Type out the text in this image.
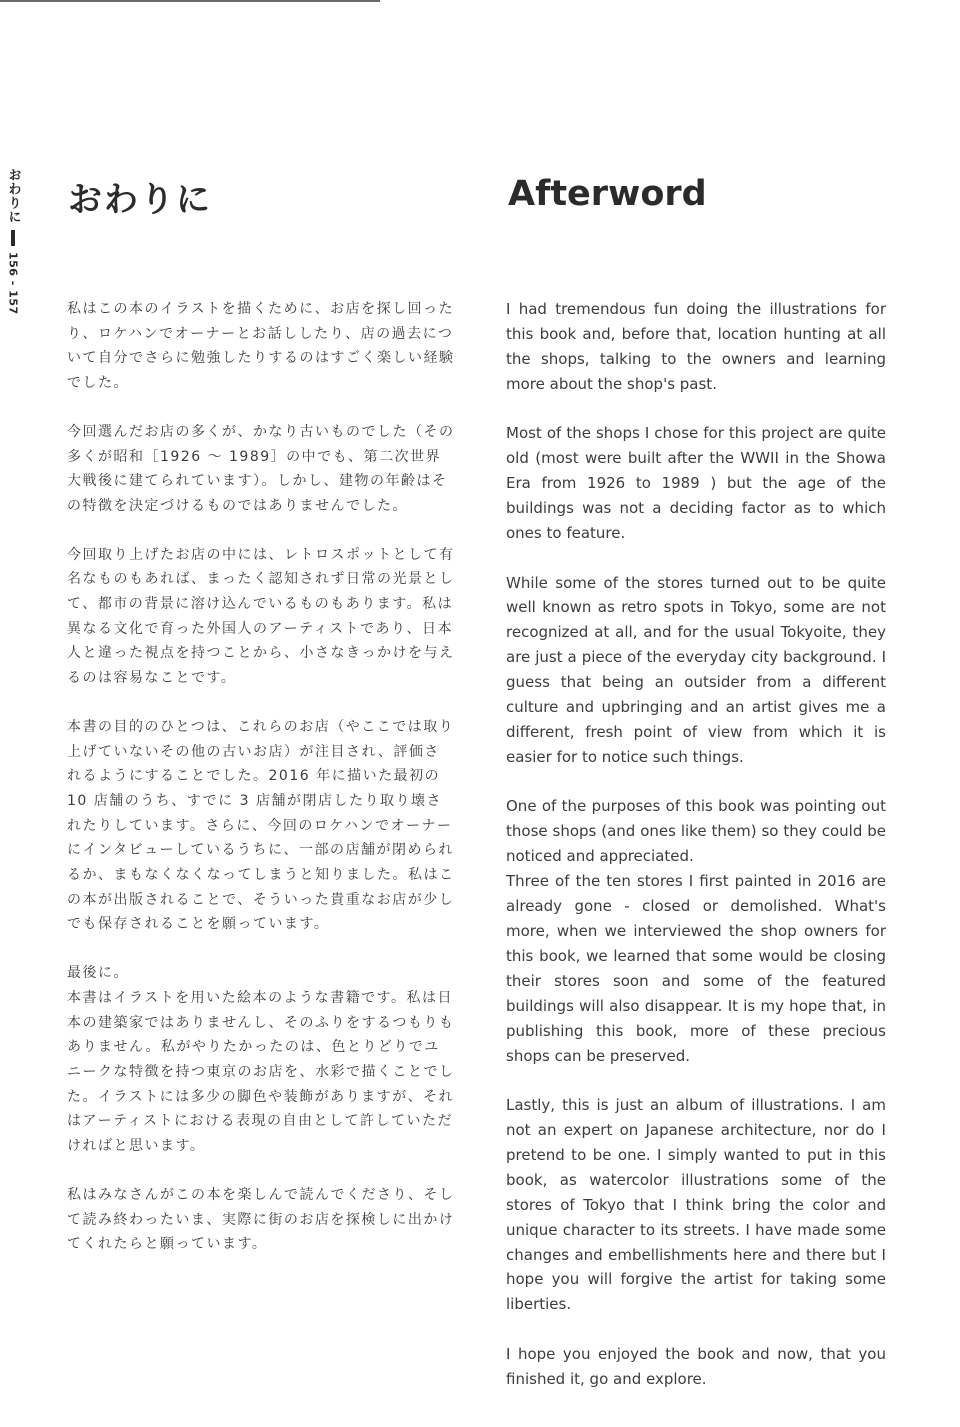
おわりに
156 - 157
おわりに	Afterword

私はこの本のイラストを描くために、お店を探し回ったり、ロケハンでオーナーとお話ししたり、店の過去について自分でさらに勉強したりするのはすごく楽しい経験でした。

今回選んだお店の多くが、かなり古いものでした（その多くが昭和［1926 〜 1989］の中でも、第二次世界大戦後に建てられています）。しかし、建物の年齢はその特徴を決定づけるものではありませんでした。

今回取り上げたお店の中には、レトロスポットとして有名なものもあれば、まったく認知されず日常の光景として、都市の背景に溶け込んでいるものもあります。私は異なる文化で育った外国人のアーティストであり、日本人と違った視点を持つことから、小さなきっかけを与えるのは容易なことです。

本書の目的のひとつは、これらのお店（やここでは取り上げていないその他の古いお店）が注目され、評価されるようにすることでした。2016 年に描いた最初の 10 店舗のうち、すでに 3 店舗が閉店したり取り壊されたりしています。さらに、今回のロケハンでオーナーにインタビューしているうちに、一部の店舗が閉められるか、まもなくなくなってしまうと知りました。私はこの本が出版されることで、そういった貴重なお店が少しでも保存されることを願っています。

最後に。

本書はイラストを用いた絵本のような書籍です。私は日本の建築家ではありませんし、そのふりをするつもりもありません。私がやりたかったのは、色とりどりでユニークな特徴を持つ東京のお店を、水彩で描くことでした。イラストには多少の脚色や装飾がありますが、それはアーティストにおける表現の自由として許していただければと思います。

私はみなさんがこの本を楽しんで読んでくださり、そして読み終わったいま、実際に街のお店を探検しに出かけてくれたらと願っています。

I had tremendous fun doing the illustrations for this book and, before that, location hunting at all the shops, talking to the owners and learning more about the shop's past.

Most of the shops I chose for this project are quite old (most were built after the WWII in the Showa Era from 1926 to 1989 ) but the age of the buildings was not a deciding factor as to which ones to feature.

While some of the stores turned out to be quite well known as retro spots in Tokyo, some are not recognized at all, and for the usual Tokyoite, they are just a piece of the everyday city background. I guess that being an outsider from a different culture and upbringing and an artist gives me a different, fresh point of view from which it is easier for to notice such things.

One of the purposes of this book was pointing out those shops (and ones like them) so they could be noticed and appreciated.

Three of the ten stores I first painted in 2016 are already gone - closed or demolished. What's more, when we interviewed the shop owners for this book, we learned that some would be closing their stores soon and some of the featured buildings will also disappear. It is my hope that, in publishing this book, more of these precious shops can be preserved.

Lastly, this is just an album of illustrations. I am not an expert on Japanese architecture, nor do I pretend to be one. I simply wanted to put in this book, as watercolor illustrations some of the stores of Tokyo that I think bring the color and unique character to its streets. I have made some changes and embellishments here and there but I hope you will forgive the artist for taking some liberties.

I hope you enjoyed the book and now, that you finished it, go and explore.
